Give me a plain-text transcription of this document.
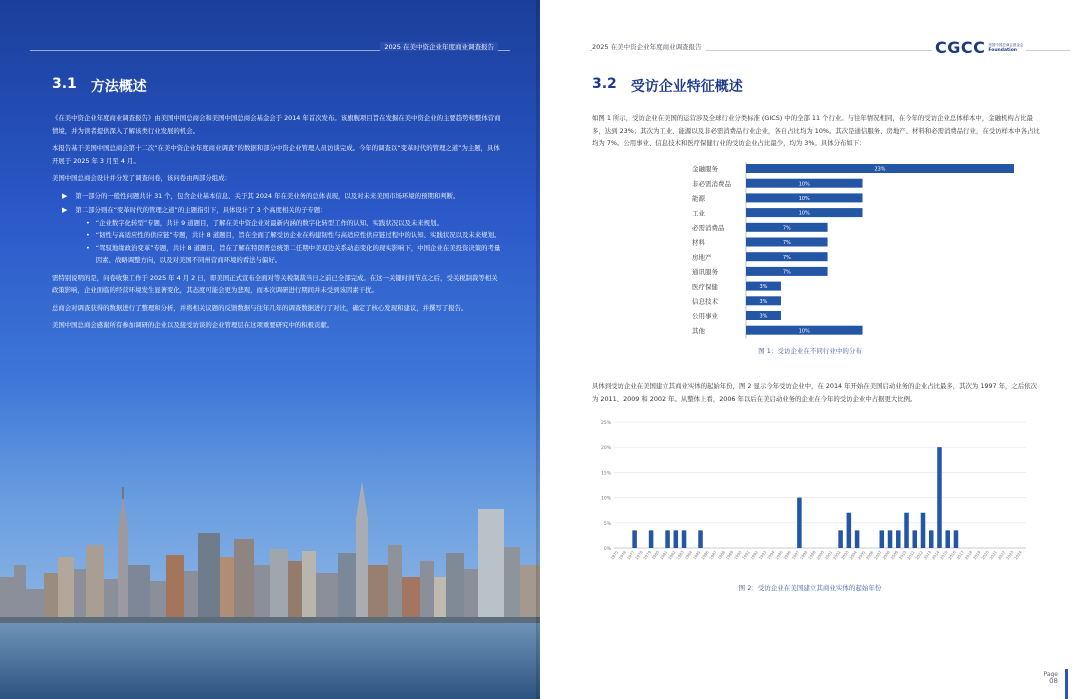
2025 在美中资企业年度商业调查报告
3.1 方法概述

《在美中资企业年度商业调查报告》由美国中国总商会和美国中国总商会基金会于 2014 年首次发布。该旗舰项目旨在发掘在美中资企业的主要趋势和整体营商情境，并为读者提供深入了解该类行业发展的机会。

本报告基于美国中国总商会第十二次“在美中资企业年度商业调查”的数据和部分中资企业管理人员访谈完成。今年的调查以“变革时代的管理之道”为主题，具体开展于 2025 年 3 月至 4 月。

美国中国总商会设计并分发了调查问卷，该问卷由两部分组成：

▶ 第一部分的一般性问题共计 31 个，包含企业基本信息、关于其 2024 年在美业务的总体表现，以及对未来美国市场环境的预期和判断。
▶ 第二部分则在“变革时代的管理之道”的主题指引下，具体设计了 3 个高度相关的子专题：
• “企业数字化转型”专题，共计 9 道题目，了解在美中资企业对最新内涵的数字化转型工作的认知、实践状况以及未来规划。
• “韧性与高适应性的供应链”专题，共计 8 道题目，旨在全面了解受访企业在构建韧性与高适应性供应链过程中的认知、实践状况以及未来规划。
• “驾驭地缘政治变革”专题，共计 8 道题目，旨在了解在特朗普总统第二任期中美双边关系动态变化的现实影响下，中国企业在美投资决策的考量因素、战略调整方向，以及对美国不同州营商环境的看法与偏好。

需特别说明的是，问卷收集工作于 2025 年 4 月 2 日，即美国正式宣布全面对等关税制裁当日之前已全部完成。在这一关键时间节点之后，受关税制裁等相关政策影响，企业面临的经营环境发生显著变化，其态度可能会更为悲观，而本次调研进行期间并未受到该因素干扰。

总商会对调查获得的数据进行了整理和分析，并将相关议题的反馈数据与往年几年的调查数据进行了对比，确定了核心发现和建议，并撰写了报告。

美国中国总商会感谢所有参加调研的企业以及接受访谈的企业管理层在这项重要研究中的积极贡献。

2025 在美中资企业年度商业调查报告	CGCC 美国中国总商会基金会
Foundation
3.2 受访企业特征概述

如图 1 所示，受访企业在美国的运营涉及全球行业分类标准 (GICS) 中的全部 11 个行业。与往年情况相同，在今年的受访企业总体样本中，金融机构占比最多，达到 23%；其次为工业、能源以及非必需消费品行业企业，各自占比均为 10%。其次是通信服务、房地产、材料和必需消费品行业，在受访样本中各占比均为 7%。公用事业、信息技术和医疗保健行业的受访企业占比最少，均为 3%。具体分布如下：

金融服务	23%
非必需消费品	10%
能源	10%
工业	10%
必需消费品	7%
材料	7%
房地产	7%
通讯服务	7%
医疗保健	3%
信息技术	3%
公用事业	3%
其他	10%
图 1：受访企业在不同行业中的分布

具体到受访企业在美国建立其商业实体的起始年份，图 2 显示今年受访企业中，在 2014 年开始在美国启动业务的企业占比最多，其次为 1997 年，之后依次为 2011、2009 和 2002 年。从整体上看，2006 年以后在美启动业务的企业在今年的受访企业中占据更大比例。

0%
5%
10%
15%
20%
25%
1975
1976
1977
1978
1979
1980
1981
1982
1983
1984
1985
1986
1987
1988
1989
1990
1991
1992
1993
1994
1995
1996
1997
1998
1999
2000
2001
2002
2003
2004
2005
2006
2007
2008
2009
2010
2011
2012
2013
2014
2015
2016
2017
2018
2019
2020
2021
2022
2023
2024
图 2：受访企业在美国建立其商业实体的起始年份
Page
08
